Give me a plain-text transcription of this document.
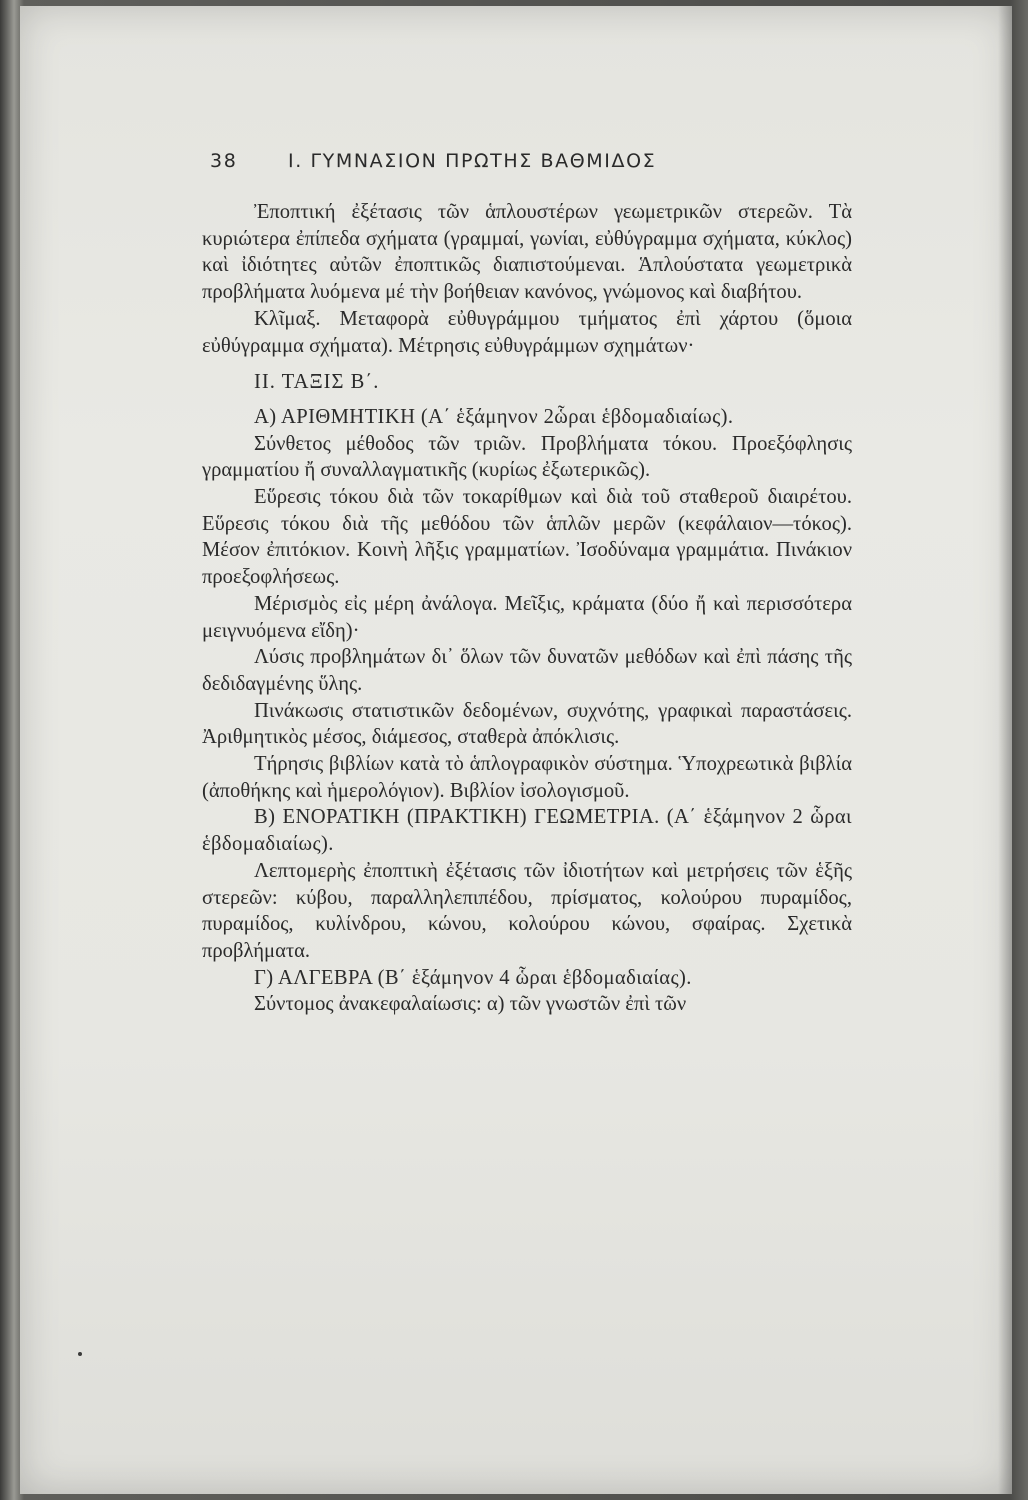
38	Ι. ΓΥΜΝΑΣΙΟΝ ΠΡΩΤΗΣ ΒΑΘΜΙΔΟΣ

Ἐποπτική ἐξέτασις τῶν ἁπλουστέρων γεωμετρικῶν στερεῶν. Τὰ κυριώτερα ἐπίπεδα σχήματα (γραμμαί, γωνίαι, εὐθύγραμμα σχήματα, κύκλος) καὶ ἰδιότητες αὐτῶν ἐποπτικῶς διαπιστούμεναι. Ἁπλούστατα γεωμετρικὰ προβλήματα λυόμενα μέ τὴν βοήθειαν κανόνος, γνώμονος καὶ διαβήτου.

Κλῖμαξ. Μεταφορὰ εὐθυγράμμου τμήματος ἐπὶ χάρτου (ὅμοια εὐθύγραμμα σχήματα). Μέτρησις εὐθυγράμμων σχημάτων·

ΙΙ. ΤΑΞΙΣ Β΄.

Α) ΑΡΙΘΜΗΤΙΚΗ (Α΄ ἑξάμηνον 2ὧραι ἑβδομαδιαίως).

Σύνθετος μέθοδος τῶν τριῶν. Προβλήματα τόκου. Προεξόφλησις γραμματίου ἤ συναλλαγματικῆς (κυρίως ἐξωτερικῶς).

Εὕρεσις τόκου διὰ τῶν τοκαρίθμων καὶ διὰ τοῦ σταθεροῦ διαιρέτου. Εὕρεσις τόκου διὰ τῆς μεθόδου τῶν ἁπλῶν μερῶν (κεφάλαιον—τόκος). Μέσον ἐπιτόκιον. Κοινὴ λῆξις γραμματίων. Ἰσοδύναμα γραμμάτια. Πινάκιον προεξοφλήσεως.

Μέρισμὸς εἰς μέρη ἀνάλογα. Μεῖξις, κράματα (δύο ἤ καὶ περισσότερα μειγνυόμενα εἴδη)·

Λύσις προβλημάτων δι᾽ ὅλων τῶν δυνατῶν μεθόδων καὶ ἐπὶ πάσης τῆς δεδιδαγμένης ὕλης.

Πινάκωσις στατιστικῶν δεδομένων, συχνότης, γραφικαὶ παραστάσεις. Ἀριθμητικὸς μέσος, διάμεσος, σταθερὰ ἀπόκλισις.

Τήρησις βιβλίων κατὰ τὸ ἁπλογραφικὸν σύστημα. Ὑποχρεωτικὰ βιβλία (ἀποθήκης καὶ ἡμερολόγιον). Βιβλίον ἰσολογισμοῦ.

Β) ΕΝΟΡΑΤΙΚΗ (ΠΡΑΚΤΙΚΗ) ΓΕΩΜΕΤΡΙΑ. (Α΄ ἑξάμηνον 2 ὧραι ἑβδομαδιαίως).

Λεπτομερὴς ἐποπτικὴ ἐξέτασις τῶν ἰδιοτήτων καὶ μετρήσεις τῶν ἑξῆς στερεῶν: κύβου, παραλληλεπιπέδου, πρίσματος, κολούρου πυραμίδος, πυραμίδος, κυλίνδρου, κώνου, κολούρου κώνου, σφαίρας. Σχετικὰ προβλήματα.

Γ) ΑΛΓΕΒΡΑ (Β΄ ἑξάμηνον 4 ὧραι ἑβδομαδιαίας).

Σύντομος ἀνακεφαλαίωσις: α) τῶν γνωστῶν ἐπὶ τῶν
